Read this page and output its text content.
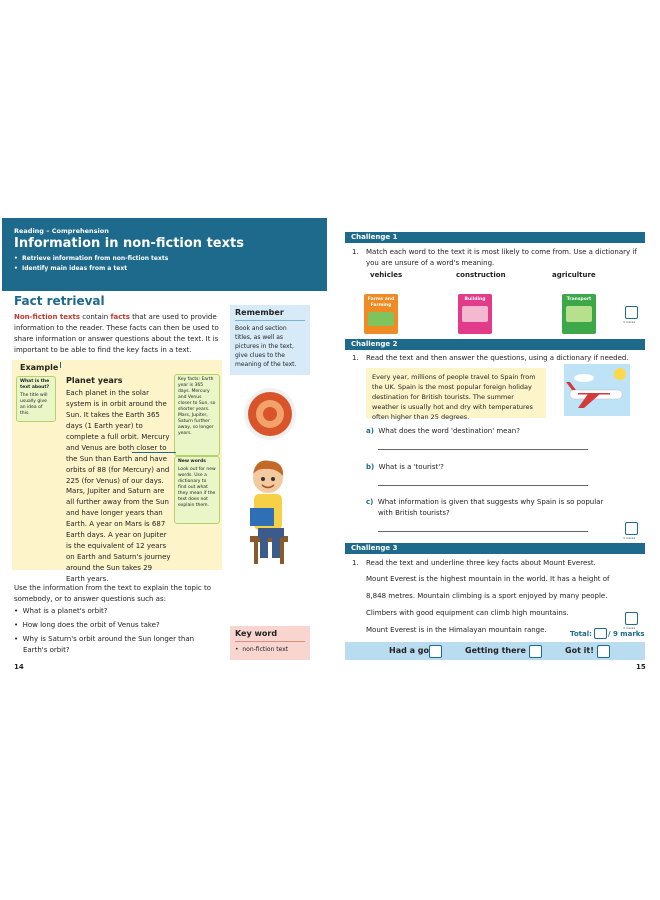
Reading – Comprehension
Information in non-fiction texts
•  Retrieve information from non-fiction texts
•  Identify main ideas from a text
Fact retrieval
Non-fiction texts contain facts that are used to provide information to the reader. These facts can then be used to share information or answer questions about the text. It is important to be able to find the key facts in a text.
Example
What is the text about?
The title will usually give an idea of this.
Planet years
Each planet in the solar system is in orbit around the Sun. It takes the Earth 365 days (1 Earth year) to complete a full orbit. Mercury and Venus are both closer to the Sun than Earth and have orbits of 88 (for Mercury) and 225 (for Venus) of our days.
Mars, Jupiter and Saturn are all further away from the Sun and have longer years than Earth. A year on Mars is 687 Earth days. A year on Jupiter is the equivalent of 12 years on Earth and Saturn's journey around the Sun takes 29 Earth years.
Key facts: Earth year is 365 days. Mercury and Venus closer to Sun, so shorter years. Mars, Jupiter, Saturn further away, so longer years.
New words
Look out for new words. Use a dictionary to find out what they mean if the text does not explain them.
Use the information from the text to explain the topic to somebody, or to answer questions such as:
•  What is a planet's orbit?
•  How long does the orbit of Venus take?
•  Why is Saturn's orbit around the Sun longer than Earth's orbit?
Remember
Book and section titles, as well as pictures in the text, give clues to the meaning of the text.
Key word
•  non-fiction text
14
Challenge 1
1. Match each word to the text it is most likely to come from. Use a dictionary if you are unsure of a word's meaning.
vehicles	construction	agriculture
Farms and Farming
Building	Transport
3 marks
Challenge 2
1. Read the text and then answer the questions, using a dictionary if needed.
Every year, millions of people travel to Spain from the UK. Spain is the most popular foreign holiday destination for British tourists. The summer weather is usually hot and dry with temperatures often higher than 25 degrees.
a) What does the word 'destination' mean?
b) What is a 'tourist'?
c) What information is given that suggests why Spain is so popular with British tourists?
3 marks
Challenge 3
1. Read the text and underline three key facts about Mount Everest.
Mount Everest is the highest mountain in the world. It has a height of
8,848 metres. Mountain climbing is a sport enjoyed by many people.
Climbers with good equipment can climb high mountains.
Mount Everest is in the Himalayan mountain range.	3 marks
Total: / 9 marks
Had a go	Getting there	Got it!
15
